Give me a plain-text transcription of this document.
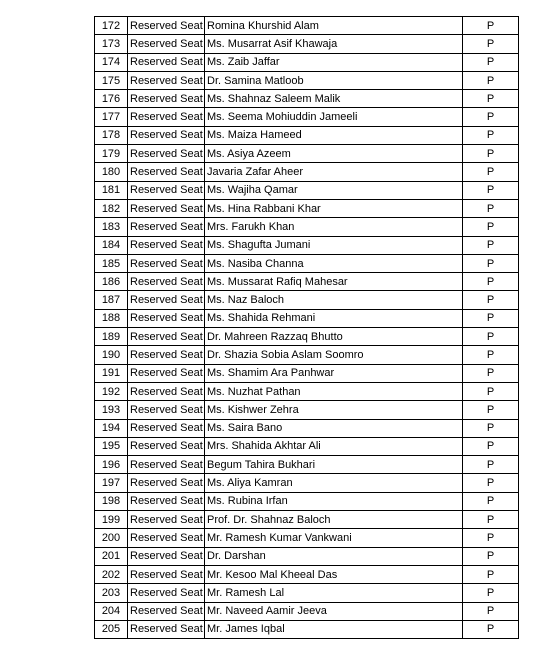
172	Reserved Seat	Romina Khurshid Alam	P
173	Reserved Seat	Ms. Musarrat Asif Khawaja	P
174	Reserved Seat	Ms. Zaib Jaffar	P
175	Reserved Seat	Dr. Samina Matloob	P
176	Reserved Seat	Ms. Shahnaz Saleem Malik	P
177	Reserved Seat	Ms. Seema Mohiuddin Jameeli	P
178	Reserved Seat	Ms. Maiza Hameed	P
179	Reserved Seat	Ms. Asiya Azeem	P
180	Reserved Seat	Javaria Zafar Aheer	P
181	Reserved Seat	Ms. Wajiha Qamar	P
182	Reserved Seat	Ms. Hina Rabbani Khar	P
183	Reserved Seat	Mrs. Farukh Khan	P
184	Reserved Seat	Ms. Shagufta Jumani	P
185	Reserved Seat	Ms. Nasiba Channa	P
186	Reserved Seat	Ms. Mussarat Rafiq Mahesar	P
187	Reserved Seat	Ms. Naz Baloch	P
188	Reserved Seat	Ms. Shahida Rehmani	P
189	Reserved Seat	Dr. Mahreen Razzaq Bhutto	P
190	Reserved Seat	Dr. Shazia Sobia Aslam Soomro	P
191	Reserved Seat	Ms. Shamim Ara Panhwar	P
192	Reserved Seat	Ms. Nuzhat Pathan	P
193	Reserved Seat	Ms. Kishwer Zehra	P
194	Reserved Seat	Ms. Saira Bano	P
195	Reserved Seat	Mrs. Shahida Akhtar Ali	P
196	Reserved Seat	Begum Tahira Bukhari	P
197	Reserved Seat	Ms. Aliya Kamran	P
198	Reserved Seat	Ms. Rubina Irfan	P
199	Reserved Seat	Prof. Dr. Shahnaz Baloch	P
200	Reserved Seat	Mr. Ramesh Kumar Vankwani	P
201	Reserved Seat	Dr. Darshan	P
202	Reserved Seat	Mr. Kesoo Mal Kheeal Das	P
203	Reserved Seat	Mr. Ramesh Lal	P
204	Reserved Seat	Mr. Naveed Aamir Jeeva	P
205	Reserved Seat	Mr. James Iqbal	P
